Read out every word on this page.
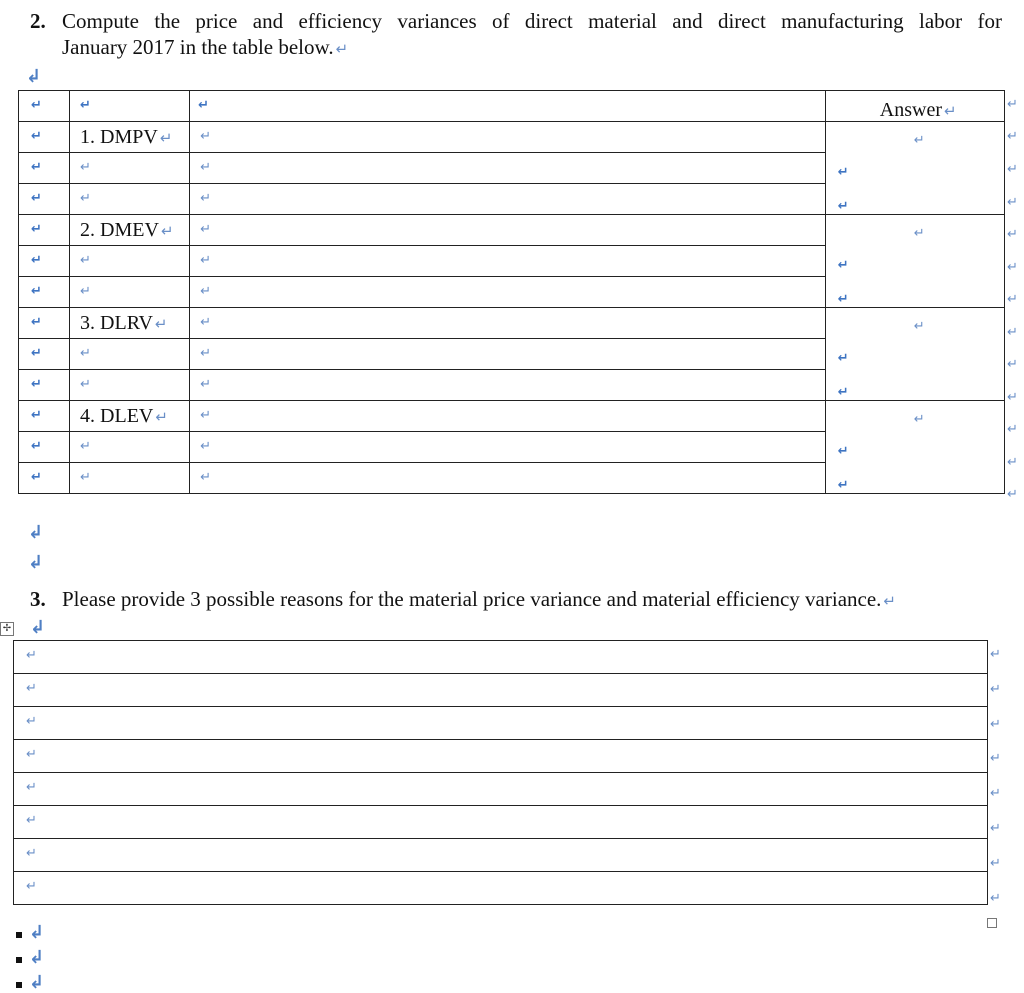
2. Compute the price and efficiency variances of direct material and direct manufacturing labor for
January 2017 in the table below. ↵
↲
↵	↵	↵	Answer ↵

↵	1. DMPV ↵	↵	↵
↵
↵

↵	↵	↵	

↵	↵	↵	

↵	2. DMEV ↵	↵	↵
↵
↵

↵	↵	↵	

↵	↵	↵	

↵	3. DLRV ↵	↵	↵
↵
↵

↵	↵	↵	

↵	↵	↵	

↵	4. DLEV ↵	↵	↵
↵
↵

↵	↵	↵	

↵	↵	↵	
↵
↵
↵
↵
↵
↵
↵
↵
↵
↵
↵
↵
↵
↲
↲
3. Please provide 3 possible reasons for the material price variance and material efficiency variance. ↵
✢ ↲
↵

↵

↵

↵

↵

↵

↵

↵
↵
↵
↵
↵
↵
↵
↵
↵
↲
↲
↲
